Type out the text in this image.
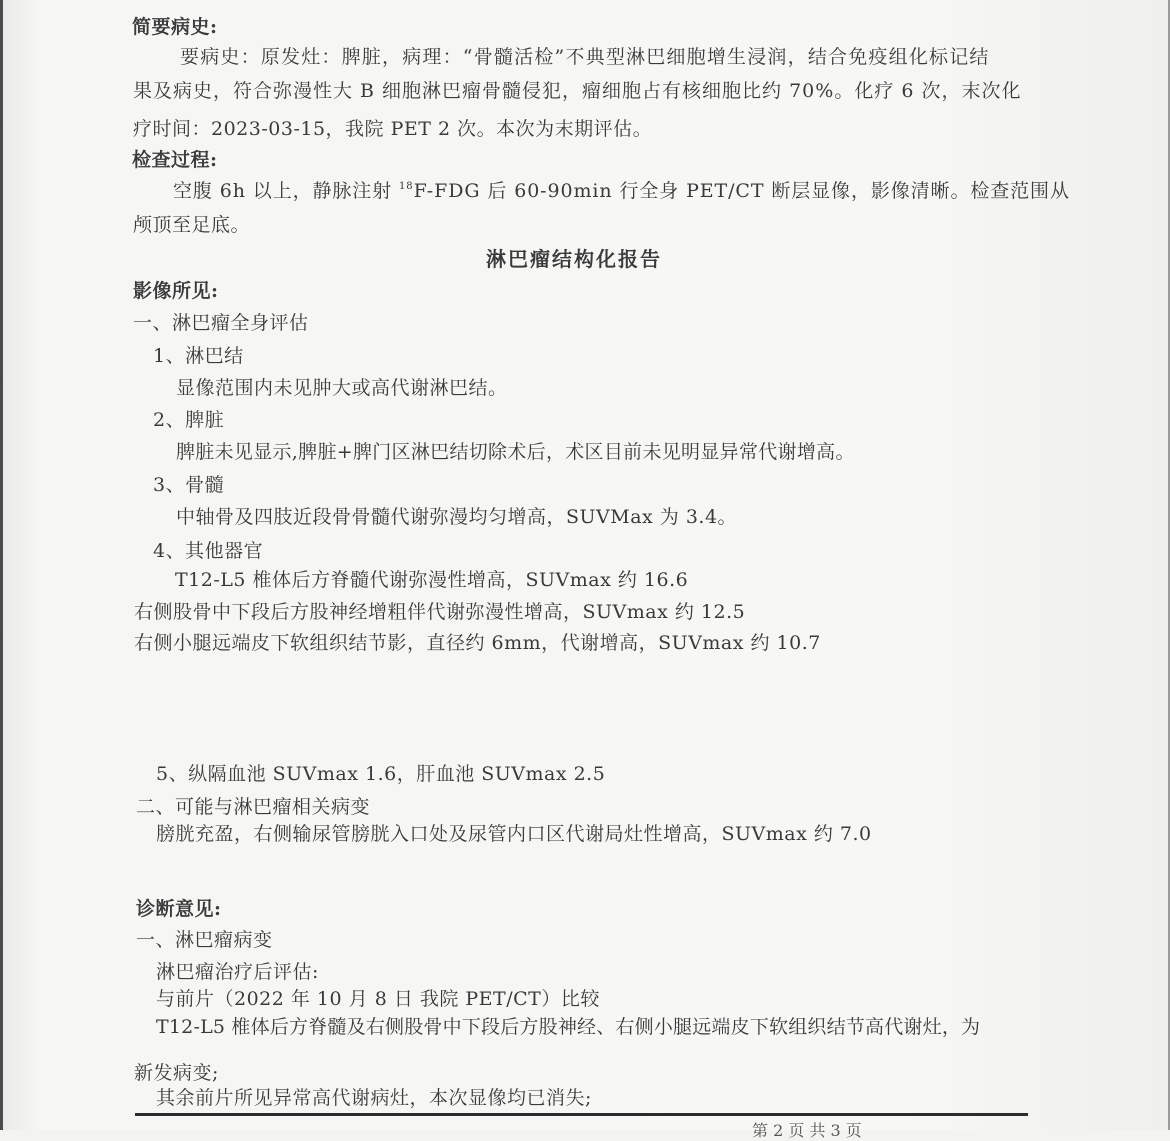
简要病史:
要病史：原发灶：脾脏，病理：“骨髓活检”不典型淋巴细胞增生浸润，结合免疫组化标记结
果及病史，符合弥漫性大 B 细胞淋巴瘤骨髓侵犯，瘤细胞占有核细胞比约 70%。化疗 6 次，末次化
疗时间：2023-03-15，我院 PET 2 次。本次为末期评估。
检查过程:
空腹 6h 以上，静脉注射 $^{18}$F-FDG 后 60-90min 行全身 PET/CT 断层显像，影像清晰。检查范围从
颅顶至足底。
淋巴瘤结构化报告
影像所见:
一、淋巴瘤全身评估
1、淋巴结
显像范围内未见肿大或高代谢淋巴结。
2、脾脏
脾脏未见显示,脾脏+脾门区淋巴结切除术后，术区目前未见明显异常代谢增高。
3、骨髓
中轴骨及四肢近段骨骨髓代谢弥漫均匀增高，SUVMax 为 3.4。
4、其他器官
T12-L5 椎体后方脊髓代谢弥漫性增高，SUVmax 约 16.6
右侧股骨中下段后方股神经增粗伴代谢弥漫性增高，SUVmax 约 12.5
右侧小腿远端皮下软组织结节影，直径约 6mm，代谢增高，SUVmax 约 10.7
5、纵隔血池 SUVmax 1.6，肝血池 SUVmax 2.5
二、可能与淋巴瘤相关病变
膀胱充盈，右侧输尿管膀胱入口处及尿管内口区代谢局灶性增高，SUVmax 约 7.0
诊断意见:
一、淋巴瘤病变
淋巴瘤治疗后评估:
与前片（2022 年 10 月 8 日 我院 PET/CT）比较
T12-L5 椎体后方脊髓及右侧股骨中下段后方股神经、右侧小腿远端皮下软组织结节高代谢灶，为
新发病变;
其余前片所见异常高代谢病灶，本次显像均已消失;
第 2 页 共 3 页
